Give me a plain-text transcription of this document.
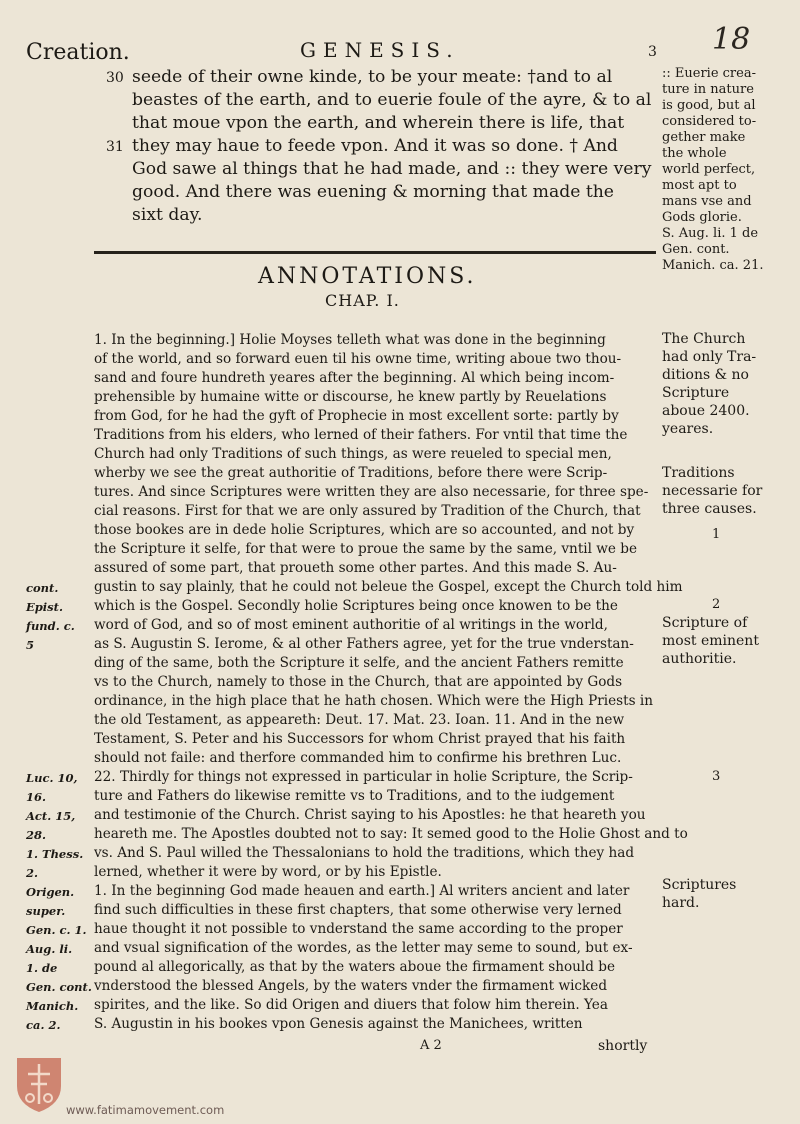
Creation.	GENESIS.	3 18
30 seede of their owne kinde, to be your meate: †and to al
beastes of the earth, and to euerie foule of the ayre, & to al
that moue vpon the earth, and wherein there is life, that
31 they may haue to feede vpon. And it was so done. † And
God sawe al things that he had made, and :: they were very
good. And there was euening & morning that made the
sixt day.
:: Euerie crea-
ture in nature
is good, but al
considered to-
gether make
the whole
world perfect,
most apt to
mans vse and
Gods glorie.
S. Aug. li. 1 de
Gen. cont.
Manich. ca. 21.
ANNOTATIONS.
CHAP. I.
1. In the beginning.] Holie Moyses telleth what was done in the beginning
of the world, and so forward euen til his owne time, writing aboue two thou-
sand and foure hundreth yeares after the beginning. Al which being incom-
prehensible by humaine witte or discourse, he knew partly by Reuelations
from God, for he had the gyft of Prophecie in most excellent sorte: partly by
Traditions from his elders, who lerned of their fathers. For vntil that time the
Church had only Traditions of such things, as were reueled to special men,
wherby we see the great authoritie of Traditions, before there were Scrip-
tures. And since Scriptures were written they are also necessarie, for three spe-
cial reasons. First for that we are only assured by Tradition of the Church, that
those bookes are in dede holie Scriptures, which are so accounted, and not by
the Scripture it selfe, for that were to proue the same by the same, vntil we be
assured of some part, that proueth some other partes. And this made S. Au-
gustin to say plainly, that he could not beleue the Gospel, except the Church told him
which is the Gospel. Secondly holie Scriptures being once knowen to be the
word of God, and so of most eminent authoritie of al writings in the world,
as S. Augustin S. Ierome, & al other Fathers agree, yet for the true vnderstan-
ding of the same, both the Scripture it selfe, and the ancient Fathers remitte
vs to the Church, namely to those in the Church, that are appointed by Gods
ordinance, in the high place that he hath chosen. Which were the High Priests in
the old Testament, as appeareth: Deut. 17. Mat. 23. Ioan. 11. And in the new
Testament, S. Peter and his Successors for whom Christ prayed that his faith
should not faile: and therfore commanded him to confirme his brethren Luc.
22. Thirdly for things not expressed in particular in holie Scripture, the Scrip-
ture and Fathers do likewise remitte vs to Traditions, and to the iudgement
and testimonie of the Church. Christ saying to his Apostles: he that heareth you
heareth me. The Apostles doubted not to say: It semed good to the Holie Ghost and to
vs. And S. Paul willed the Thessalonians to hold the traditions, which they had
lerned, whether it were by word, or by his Epistle.
1. In the beginning God made heauen and earth.] Al writers ancient and later
find such difficulties in these first chapters, that some otherwise very lerned
haue thought it not possible to vnderstand the same according to the proper
and vsual signification of the wordes, as the letter may seme to sound, but ex-
pound al allegorically, as that by the waters aboue the firmament should be
vnderstood the blessed Angels, by the waters vnder the firmament wicked
spirites, and the like. So did Origen and diuers that folow him therein. Yea
S. Augustin in his bookes vpon Genesis against the Manichees, written
The Church
had only Tra-
ditions & no
Scripture
aboue 2400.
yeares.
Traditions
necessarie for
three causes.
1
2
Scripture of
most eminent
authoritie.
3
Scriptures
hard.
cont.
Epist.
fund. c.
5
Luc. 10,
16.
Act. 15,
28.
1. Thess.
2.
Origen.
super.
Gen. c. 1.
Aug. li.
1. de
Gen. cont.
Manich.
ca. 2.
A 2	shortly
www.fatimamovement.com
